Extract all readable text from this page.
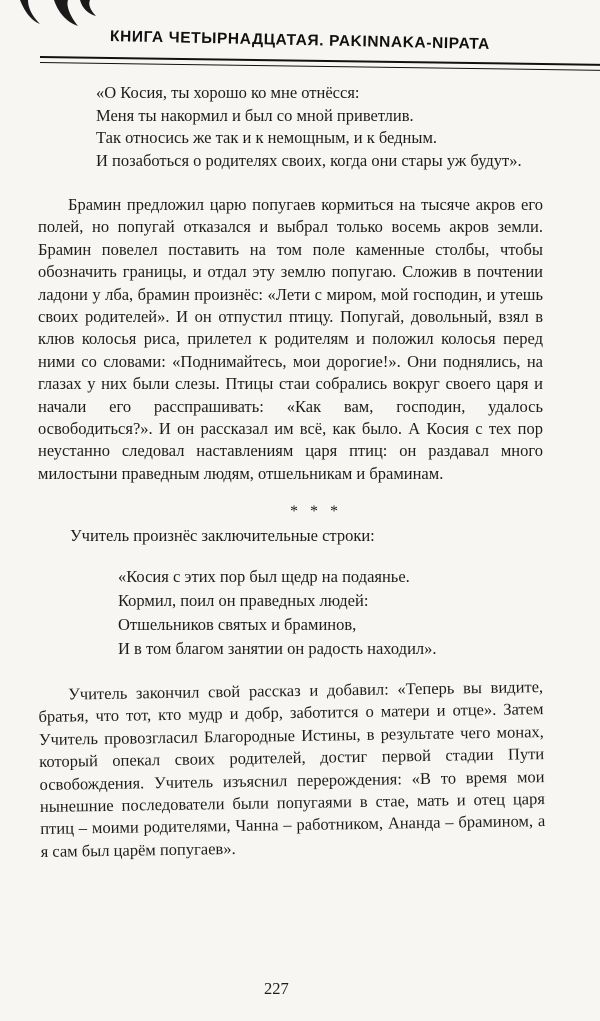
КНИГА ЧЕТЫРНАДЦАТАЯ. PAKINNAKA-NIPATA
«О Косия, ты хорошо ко мне отнёсся:
Меня ты накормил и был со мной приветлив.
Так относись же так и к немощным, и к бедным.
И позаботься о родителях своих, когда они стары уж будут».
Брамин предложил царю попугаев кормиться на тысяче акров его полей, но попугай отказался и выбрал только восемь акров земли. Брамин повелел поставить на том поле каменные столбы, чтобы обозначить границы, и отдал эту землю попугаю. Сложив в почтении ладони у лба, брамин произнёс: «Лети с миром, мой господин, и утешь своих родителей». И он отпустил птицу. Попугай, довольный, взял в клюв колосья риса, прилетел к родителям и положил колосья перед ними со словами: «Поднимайтесь, мои дорогие!». Они поднялись, на глазах у них были слезы. Птицы стаи собрались вокруг своего царя и начали его расспрашивать: «Как вам, господин, удалось освободиться?». И он рассказал им всё, как было. А Косия с тех пор неустанно следовал наставлениям царя птиц: он раздавал много милостыни праведным людям, отшельникам и браминам.
* * *
Учитель произнёс заключительные строки:
«Косия с этих пор был щедр на подаянье.
Кормил, поил он праведных людей:
Отшельников святых и браминов,
И в том благом занятии он радость находил».
Учитель закончил свой рассказ и добавил: «Теперь вы видите, братья, что тот, кто мудр и добр, заботится о матери и отце». Затем Учитель провозгласил Благородные Истины, в результате чего монах, который опекал своих родителей, достиг первой стадии Пути освобождения. Учитель изъяснил перерождения: «В то время мои нынешние последователи были попугаями в стае, мать и отец царя птиц – моими родителями, Чанна – работником, Ананда – брамином, а я сам был царём попугаев».
227
